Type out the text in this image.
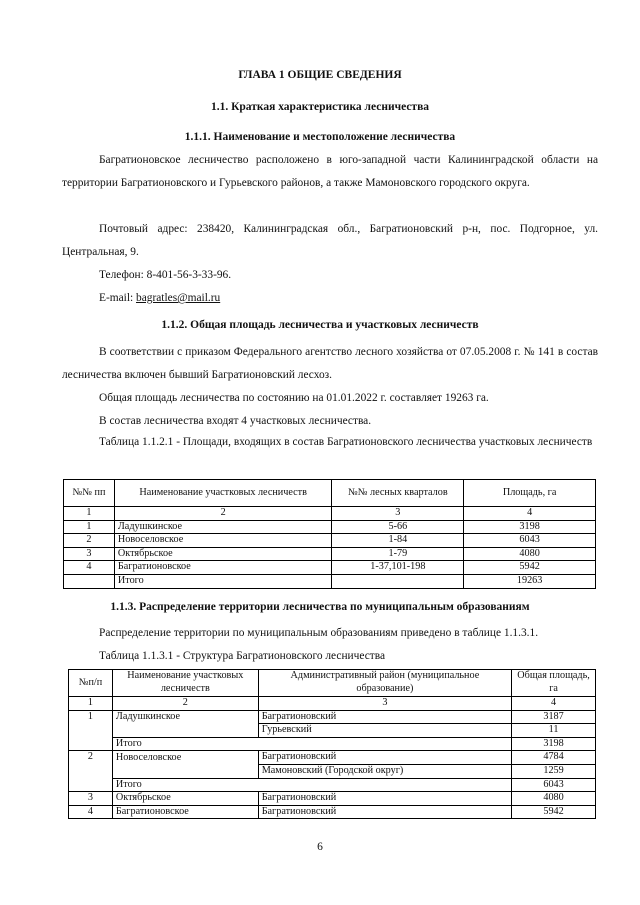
ГЛАВА 1 ОБЩИЕ СВЕДЕНИЯ
1.1. Краткая характеристика лесничества
1.1.1. Наименование и местоположение лесничества
Багратионовское лесничество расположено в юго-западной части Калининградской области на территории Багратионовского и Гурьевского районов, а также Мамоновского городского округа.
Почтовый адрес: 238420, Калининградская обл., Багратионовский р-н, пос. Подгорное, ул. Центральная, 9.
Телефон: 8-401-56-3-33-96.
E-mail: bagratles@mail.ru
1.1.2. Общая площадь лесничества и участковых лесничеств
В соответствии с приказом Федерального агентство лесного хозяйства от 07.05.2008 г. № 141 в состав лесничества включен бывший Багратионовский лесхоз.
Общая площадь лесничества по состоянию на 01.01.2022 г. составляет 19263 га.
В состав лесничества входят 4 участковых лесничества.
Таблица 1.1.2.1 - Площади, входящих в состав Багратионовского лесничества участковых лесничеств
№№ пп	Наименование участковых лесничеств	№№ лесных кварталов	Площадь, га
1	2	3	4
1	Ладушкинское	5-66	3198
2	Новоселовское	1-84	6043
3	Октябрьское	1-79	4080
4	Багратионовское	1-37,101-198	5942
	Итого		19263
1.1.3. Распределение территории лесничества по муниципальным образованиям
Распределение территории по муниципальным образованиям приведено в таблице 1.1.3.1.
Таблица 1.1.3.1 - Структура Багратионовского лесничества
№п/п	Наименование участковых лесничеств	Административный район (муниципальное образование)	Общая площадь, га
1	2	3	4
1	Ладушкинское	Багратионовский	3187
		Гурьевский	11
	Итого		3198
2	Новоселовское	Багратионовский	4784
		Мамоновский (Городской округ)	1259
	Итого		6043
3	Октябрьское	Багратионовский	4080
4	Багратионовское	Багратионовский	5942
6
